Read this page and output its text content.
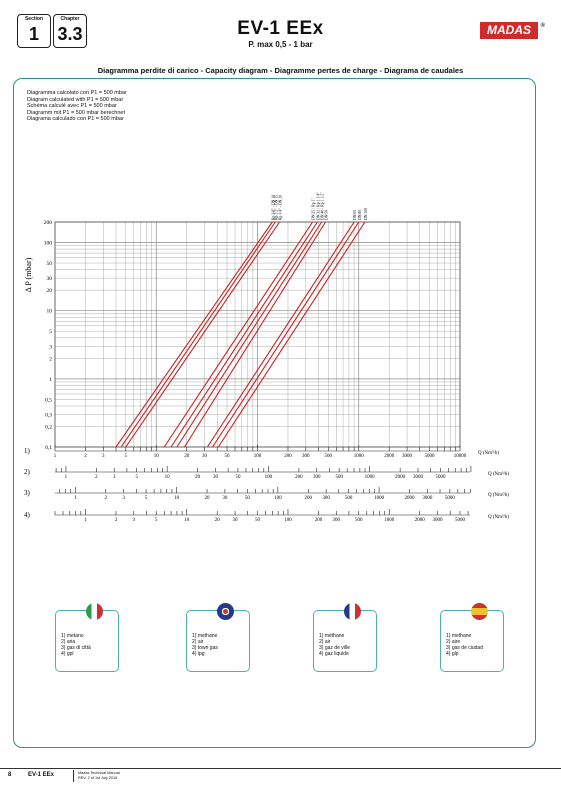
Section
1
Chapter
3.3	EV-1 EEx
P. max 0,5 - 1 bar
MADAS ®
Diagramma perdite di carico - Capacity diagram - Diagramme pertes de charge - Diagrama de caudales
Diagramma calcolato con P1 = 500 mbar
Diagram calculated with P1 = 500 mbar
Schéma calculé avec P1 = 500 mbar
Diagramm mit P1 = 500 mbar berechnet
Diagrama calculado con P1 = 500 mbar
0,1
0,2
0,3
0,5
1
2
3
5
10
20
30
50
100
200
Δ P (mbar)
Rp 3/8" - DN 10 Rp 1/2" - DN 15 Rp 3/4" - DN 20	DN 25 / Rp 1" DN 32 / Rp 1 1/4" DN 40 / Rp 1 1/2" DN 50	DN 65 DN 80 DN 100
1	2	3	5	10	20	30	50	100	200 300	500	1000	2000 3000 5000	10000
1)	Q (Nm³/h)
1	2	3	5	10	20	30	50	100	200 300	500	1000	2000 3000 5000
2)	Q (Nm³/h)
1	2	3	5	10	20	30	50	100	200 300	500	1000	2000 3000 5000
3)	Q (Nm³/h)
1	2	3	5	10	20	30	50	100	200 300	500	1000	2000 3000 5000
4)	Q (Nm³/h)
1) metano
2) aria
3) gas di città
4) gpl
1) methane
2) air
3) town gas
4) lpg
1) méthane
2) air
3) gaz de ville
4) gaz liquide
1) methane
2) aire
3) gas de ciudad
4) glp
8	EV-1 EEx	Madas Technical Manual
REV. 2 of 1st July 2016
